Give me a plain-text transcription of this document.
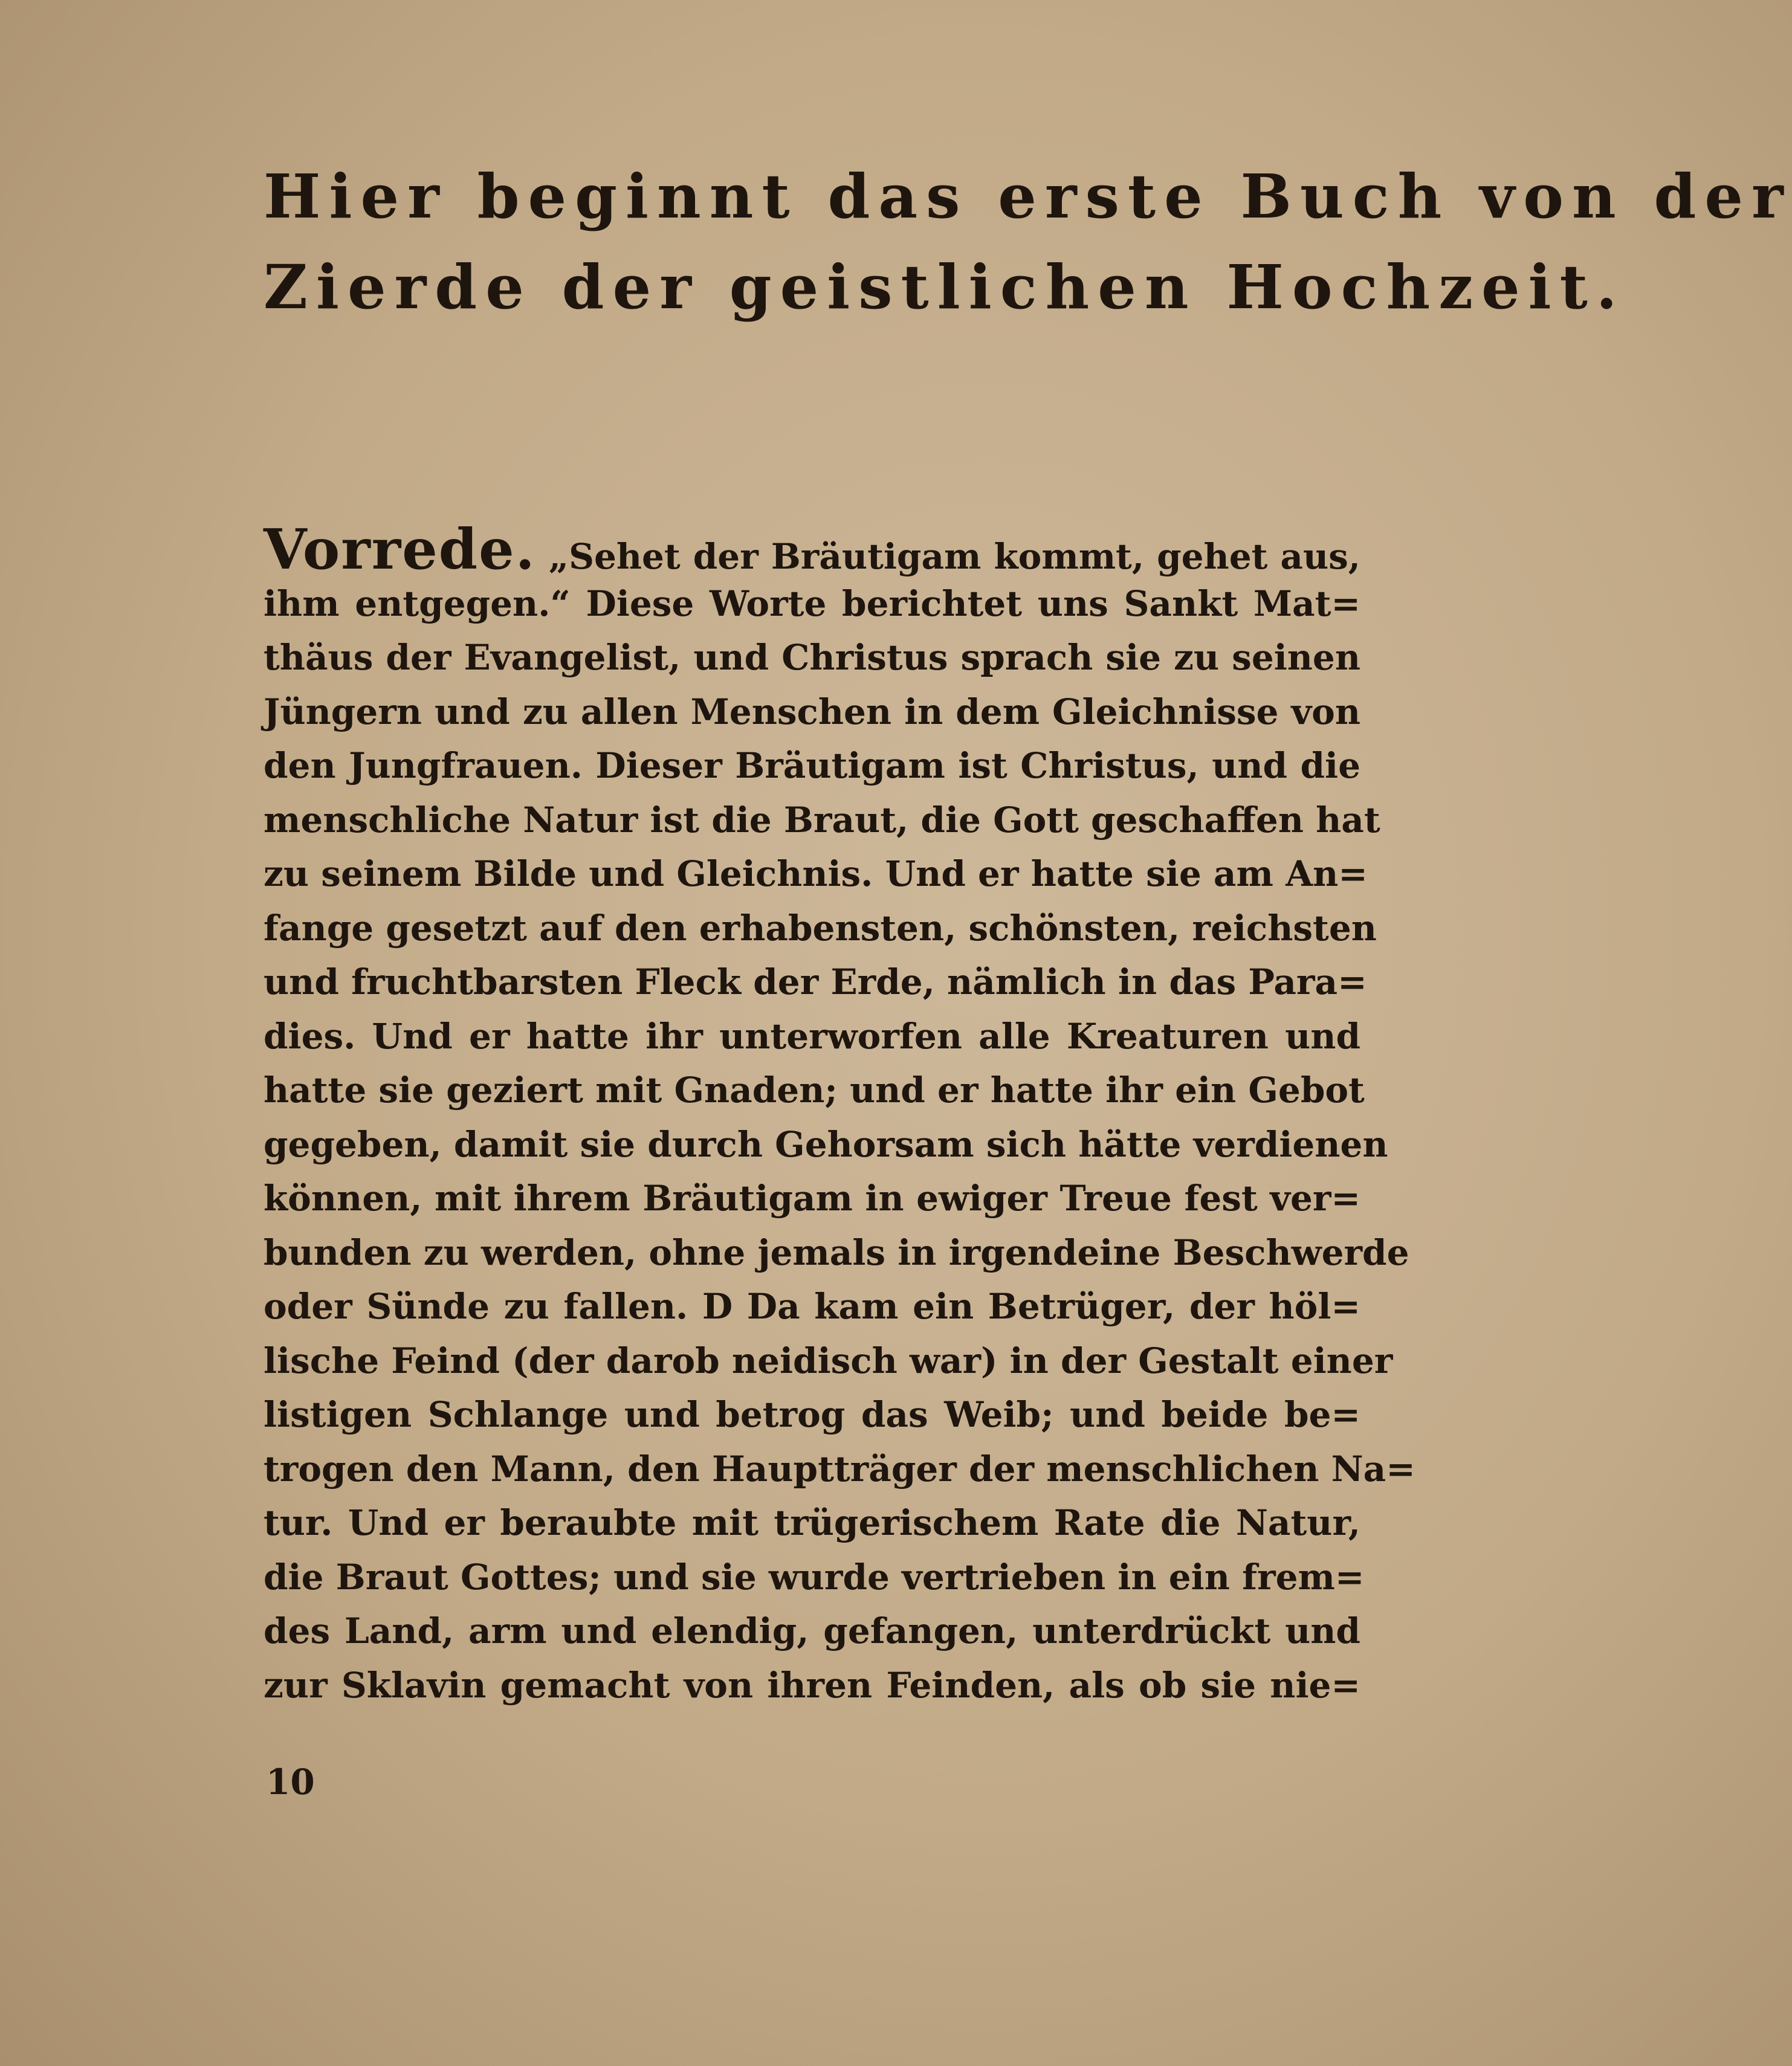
Hier beginnt das erste Buch von der
Zierde der geistlichen Hochzeit.
Vorrede. „Sehet der Bräutigam kommt, gehet aus,
ihm entgegen.“ Diese Worte berichtet uns Sankt Mat=
thäus der Evangelist, und Christus sprach sie zu seinen
Jüngern und zu allen Menschen in dem Gleichnisse von
den Jungfrauen. Dieser Bräutigam ist Christus, und die
menschliche Natur ist die Braut, die Gott geschaffen hat
zu seinem Bilde und Gleichnis. Und er hatte sie am An=
fange gesetzt auf den erhabensten, schönsten, reichsten
und fruchtbarsten Fleck der Erde, nämlich in das Para=
dies. Und er hatte ihr unterworfen alle Kreaturen und
hatte sie geziert mit Gnaden; und er hatte ihr ein Gebot
gegeben, damit sie durch Gehorsam sich hätte verdienen
können, mit ihrem Bräutigam in ewiger Treue fest ver=
bunden zu werden, ohne jemals in irgendeine Beschwerde
oder Sünde zu fallen. D Da kam ein Betrüger, der höl=
lische Feind (der darob neidisch war) in der Gestalt einer
listigen Schlange und betrog das Weib; und beide be=
trogen den Mann, den Hauptträger der menschlichen Na=
tur. Und er beraubte mit trügerischem Rate die Natur,
die Braut Gottes; und sie wurde vertrieben in ein frem=
des Land, arm und elendig, gefangen, unterdrückt und
zur Sklavin gemacht von ihren Feinden, als ob sie nie=
10
